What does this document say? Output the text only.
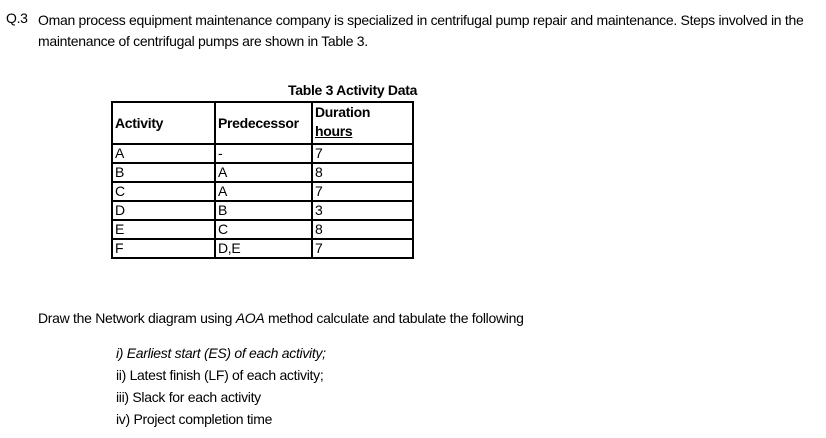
Q.3 Oman process equipment maintenance company is specialized in centrifugal pump repair and maintenance. Steps involved in the maintenance of centrifugal pumps are shown in Table 3.
Table 3 Activity Data
Activity	Predecessor	Duration
hours

A	-	7
B	A	8
C	A	7
D	B	3
E	C	8
F	D,E	7
Draw the Network diagram using AOA method calculate and tabulate the following
i) Earliest start (ES) of each activity;
ii) Latest finish (LF) of each activity;
iii) Slack for each activity
iv) Project completion time
